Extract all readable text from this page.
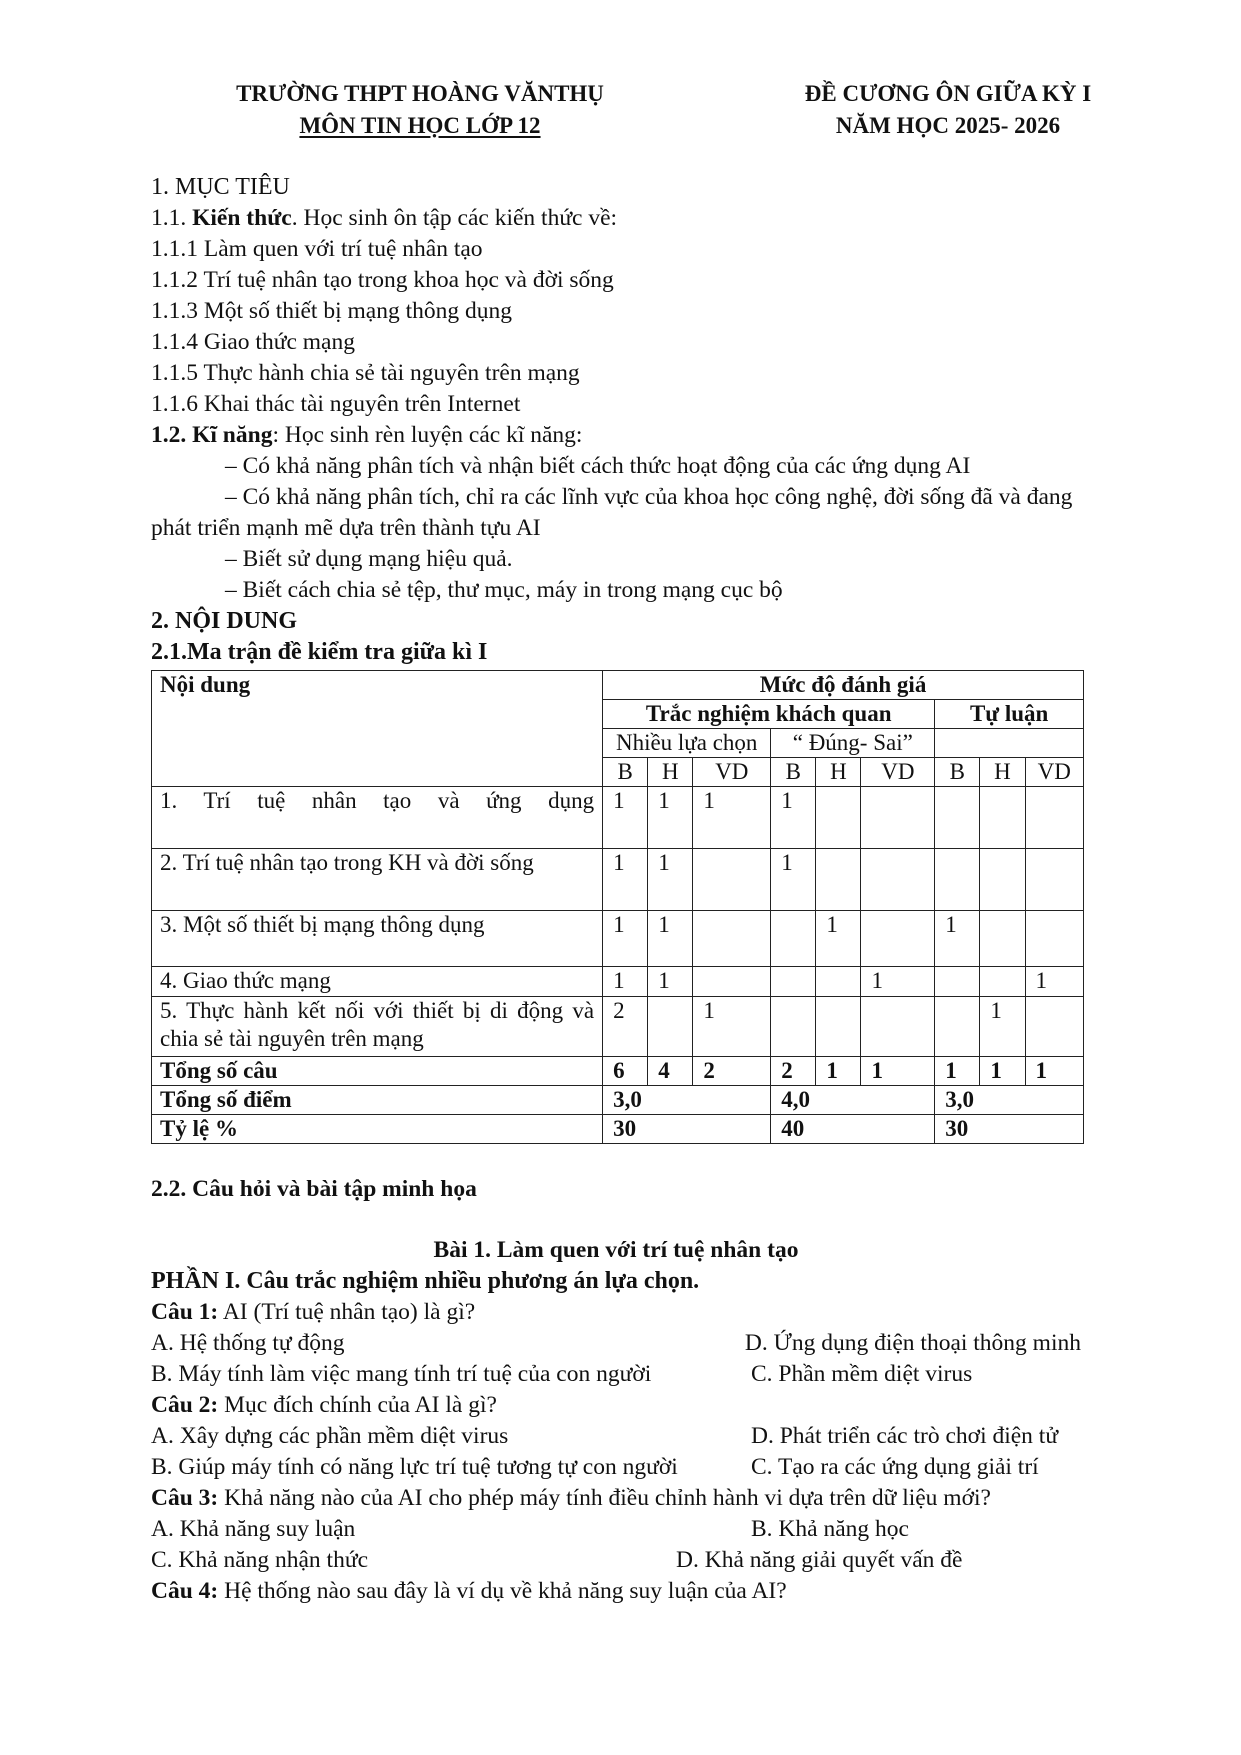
TRƯỜNG THPT HOÀNG VĂNTHỤ
MÔN TIN HỌC LỚP 12
ĐỀ CƯƠNG ÔN GIỮA KỲ I
NĂM HỌC 2025- 2026
1. MỤC TIÊU
1.1. Kiến thức. Học sinh ôn tập các kiến thức về:
1.1.1 Làm quen với trí tuệ nhân tạo
1.1.2 Trí tuệ nhân tạo trong khoa học và đời sống
1.1.3 Một số thiết bị mạng thông dụng
1.1.4 Giao thức mạng
1.1.5 Thực hành chia sẻ tài nguyên trên mạng
1.1.6 Khai thác tài nguyên trên Internet
1.2. Kĩ năng: Học sinh rèn luyện các kĩ năng:
– Có khả năng phân tích và nhận biết cách thức hoạt động của các ứng dụng AI
– Có khả năng phân tích, chỉ ra các lĩnh vực của khoa học công nghệ, đời sống đã và đang phát triển mạnh mẽ dựa trên thành tựu AI
– Biết sử dụng mạng hiệu quả.
– Biết cách chia sẻ tệp, thư mục, máy in trong mạng cục bộ
2. NỘI DUNG
2.1.Ma trận đề kiểm tra giữa kì I
Nội dung	Mức độ đánh giá								
	Trắc nghiệm khách quan						Tự luận		
	Nhiều lựa chọn			“ Đúng- Sai”					
	B	H	VD	B	H	VD	B	H	VD
1. Trí tuệ nhân tạo và ứng dụng	1	1	1	1					
2. Trí tuệ nhân tạo trong KH và đời sống	1	1		1					
3. Một số thiết bị mạng thông dụng	1	1			1		1		
4. Giao thức mạng	1	1				1			1
5. Thực hành kết nối với thiết bị di động và chia sẻ tài nguyên trên mạng	2		1					1	
Tổng số câu	6	4	2	2	1	1	1	1	1
Tổng số điểm	3,0			4,0			3,0		
Tỷ lệ %	30			40			30		
2.2. Câu hỏi và bài tập minh họa
Bài 1. Làm quen với trí tuệ nhân tạo
PHẦN I. Câu trắc nghiệm nhiều phương án lựa chọn.
Câu 1: AI (Trí tuệ nhân tạo) là gì?
A. Hệ thống tự động	D. Ứng dụng điện thoại thông minh
B. Máy tính làm việc mang tính trí tuệ của con người	C. Phần mềm diệt virus
Câu 2: Mục đích chính của AI là gì?
A. Xây dựng các phần mềm diệt virus	D. Phát triển các trò chơi điện tử
B. Giúp máy tính có năng lực trí tuệ tương tự con người	C. Tạo ra các ứng dụng giải trí
Câu 3: Khả năng nào của AI cho phép máy tính điều chỉnh hành vi dựa trên dữ liệu mới?
A. Khả năng suy luận	B. Khả năng học
C. Khả năng nhận thức	D. Khả năng giải quyết vấn đề
Câu 4: Hệ thống nào sau đây là ví dụ về khả năng suy luận của AI?
